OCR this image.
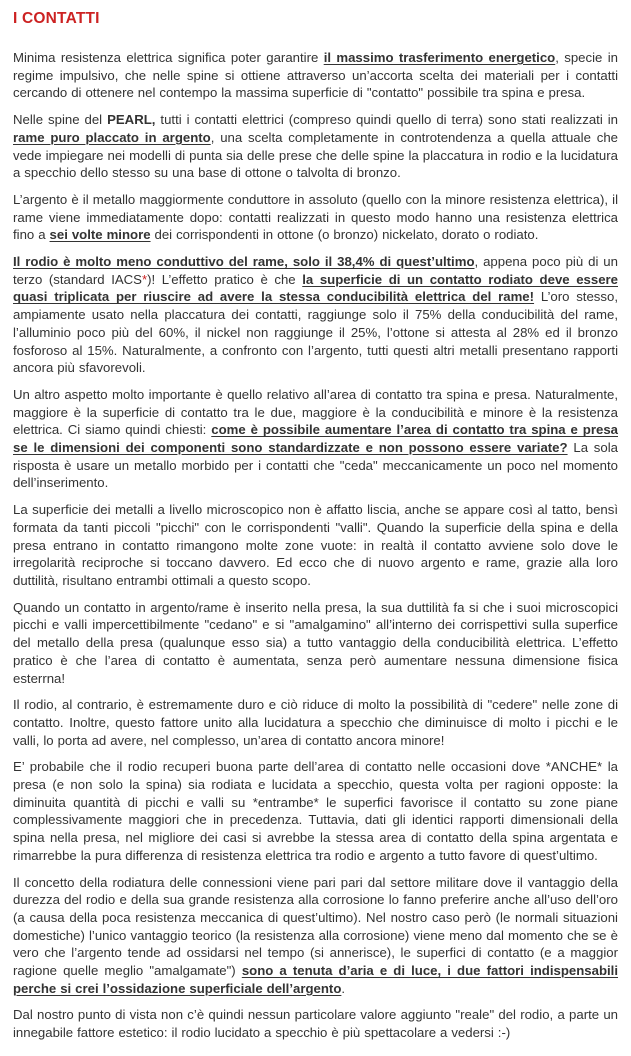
I CONTATTI

Minima resistenza elettrica significa poter garantire il massimo trasferimento energetico, specie in regime impulsivo, che nelle spine si ottiene attraverso un’accorta scelta dei materiali per i contatti cercando di ottenere nel contempo la massima superficie di "contatto" possibile tra spina e presa.

Nelle spine del PEARL, tutti i contatti elettrici (compreso quindi quello di terra) sono stati realizzati in rame puro placcato in argento, una scelta completamente in controtendenza a quella attuale che vede impiegare nei modelli di punta sia delle prese che delle spine la placcatura in rodio e la lucidatura a specchio dello stesso su una base di ottone o talvolta di bronzo.

L’argento è il metallo maggiormente conduttore in assoluto (quello con la minore resistenza elettrica), il rame viene immediatamente dopo: contatti realizzati in questo modo hanno una resistenza elettrica fino a sei volte minore dei corrispondenti in ottone (o bronzo) nickelato, dorato o rodiato.

Il rodio è molto meno conduttivo del rame, solo il 38,4% di quest’ultimo, appena poco più di un terzo (standard IACS*)! L’effetto pratico è che la superficie di un contatto rodiato deve essere quasi triplicata per riuscire ad avere la stessa conducibilità elettrica del rame! L’oro stesso, ampiamente usato nella placcatura dei contatti, raggiunge solo il 75% della conducibilità del rame, l’alluminio poco più del 60%, il nickel non raggiunge il 25%, l’ottone si attesta al 28% ed il bronzo fosforoso al 15%. Naturalmente, a confronto con l’argento, tutti questi altri metalli presentano rapporti ancora più sfavorevoli.

Un altro aspetto molto importante è quello relativo all’area di contatto tra spina e presa. Naturalmente, maggiore è la superficie di contatto tra le due, maggiore è la conducibilità e minore è la resistenza elettrica. Ci siamo quindi chiesti: come è possibile aumentare l’area di contatto tra spina e presa se le dimensioni dei componenti sono standardizzate e non possono essere variate? La sola risposta è usare un metallo morbido per i contatti che "ceda" meccanicamente un poco nel momento dell’inserimento.

La superficie dei metalli a livello microscopico non è affatto liscia, anche se appare così al tatto, bensì formata da tanti piccoli "picchi" con le corrispondenti "valli". Quando la superficie della spina e della presa entrano in contatto rimangono molte zone vuote: in realtà il contatto avviene solo dove le irregolarità reciproche si toccano davvero. Ed ecco che di nuovo argento e rame, grazie alla loro duttilità, risultano entrambi ottimali a questo scopo.

Quando un contatto in argento/rame è inserito nella presa, la sua duttilità fa si che i suoi microscopici picchi e valli impercettibilmente "cedano" e si "amalgamino" all’interno dei corrispettivi sulla superfice del metallo della presa (qualunque esso sia) a tutto vantaggio della conducibilità elettrica. L’effetto pratico è che l’area di contatto è aumentata, senza però aumentare nessuna dimensione fisica esterrna!

Il rodio, al contrario, è estremamente duro e ciò riduce di molto la possibilità di "cedere" nelle zone di contatto. Inoltre, questo fattore unito alla lucidatura a specchio che diminuisce di molto i picchi e le valli, lo porta ad avere, nel complesso, un’area di contatto ancora minore!

E’ probabile che il rodio recuperi buona parte dell’area di contatto nelle occasioni dove *ANCHE* la presa (e non solo la spina) sia rodiata e lucidata a specchio, questa volta per ragioni opposte: la diminuita quantità di picchi e valli su *entrambe* le superfici favorisce il contatto su zone piane complessivamente maggiori che in precedenza. Tuttavia, dati gli identici rapporti dimensionali della spina nella presa, nel migliore dei casi si avrebbe la stessa area di contatto della spina argentata e rimarrebbe la pura differenza di resistenza elettrica tra rodio e argento a tutto favore di quest’ultimo.

Il concetto della rodiatura delle connessioni viene pari pari dal settore militare dove il vantaggio della durezza del rodio e della sua grande resistenza alla corrosione lo fanno preferire anche all’uso dell’oro (a causa della poca resistenza meccanica di quest’ultimo). Nel nostro caso però (le normali situazioni domestiche) l’unico vantaggio teorico (la resistenza alla corrosione) viene meno dal momento che se è vero che l’argento tende ad ossidarsi nel tempo (si annerisce), le superfici di contatto (e a maggior ragione quelle meglio "amalgamate") sono a tenuta d’aria e di luce, i due fattori indispensabili perche si crei l’ossidazione superficiale dell’argento.

Dal nostro punto di vista non c’è quindi nessun particolare valore aggiunto "reale" del rodio, a parte un innegabile fattore estetico: il rodio lucidato a specchio è più spettacolare a vedersi :-)
